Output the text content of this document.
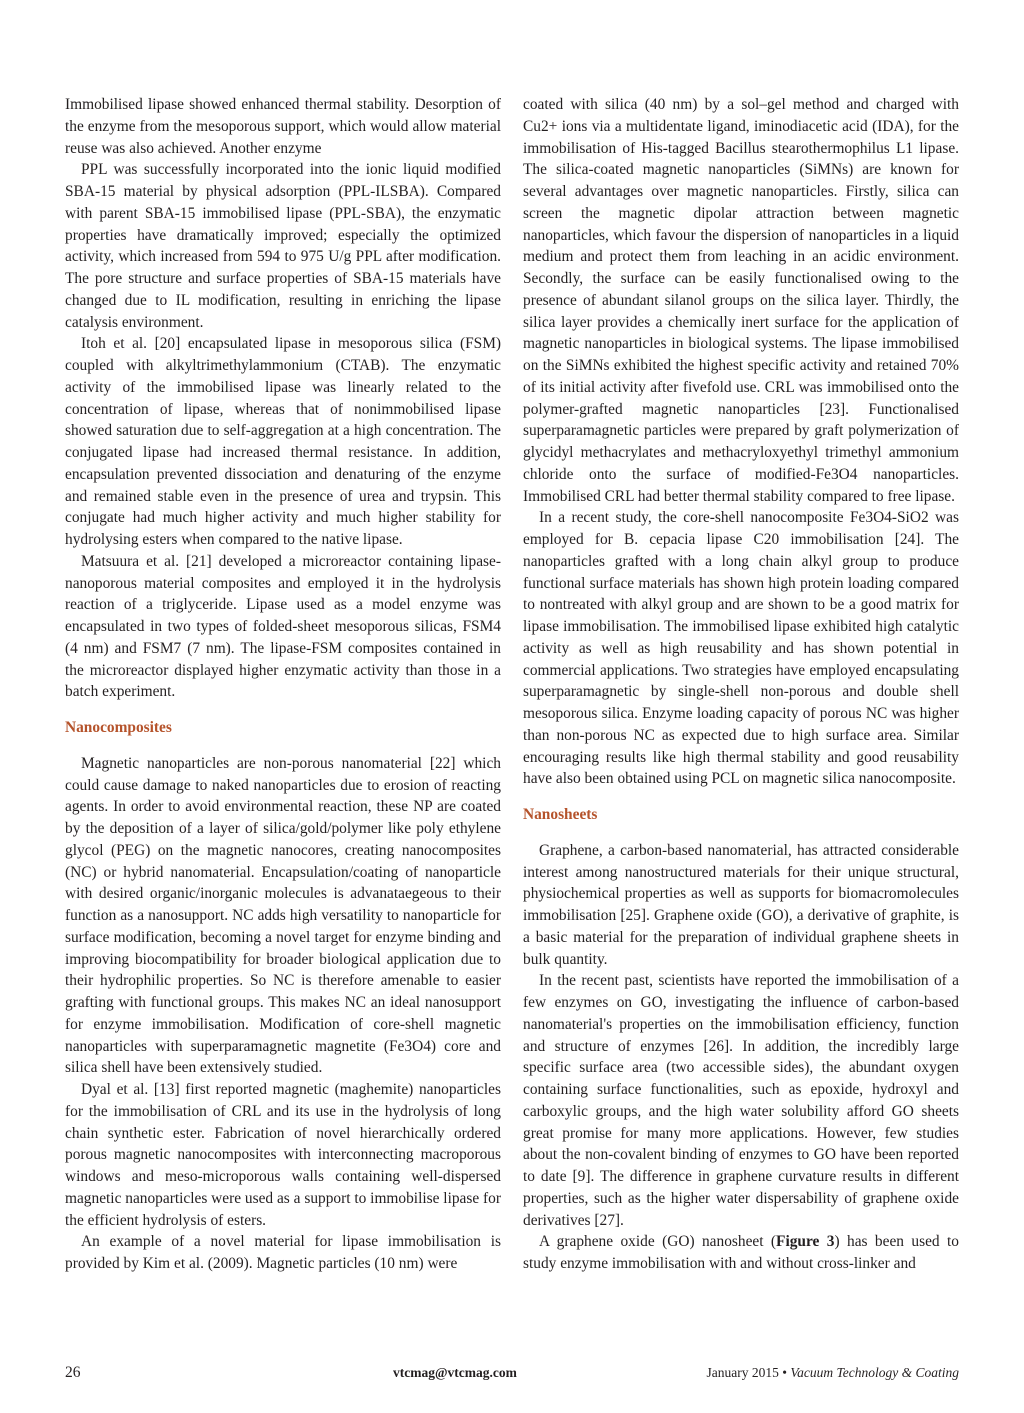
Immobilised lipase showed enhanced thermal stability. Desorption of the enzyme from the mesoporous support, which would allow material reuse was also achieved. Another enzyme

PPL was successfully incorporated into the ionic liquid modified SBA-15 material by physical adsorption (PPL-ILSBA). Compared with parent SBA-15 immobilised lipase (PPL-SBA), the enzymatic properties have dramatically improved; especially the optimized activity, which increased from 594 to 975 U/g PPL after modification. The pore structure and surface properties of SBA-15 materials have changed due to IL modification, resulting in enriching the lipase catalysis environment.

Itoh et al. [20] encapsulated lipase in mesoporous silica (FSM) coupled with alkyltrimethylammonium (CTAB). The enzymatic activity of the immobilised lipase was linearly related to the concentration of lipase, whereas that of nonimmobilised lipase showed saturation due to self-aggregation at a high concentration. The conjugated lipase had increased thermal resistance. In addition, encapsulation prevented dissociation and denaturing of the enzyme and remained stable even in the presence of urea and trypsin. This conjugate had much higher activity and much higher stability for hydrolysing esters when compared to the native lipase.

Matsuura et al. [21] developed a microreactor containing lipase-nanoporous material composites and employed it in the hydrolysis reaction of a triglyceride. Lipase used as a model enzyme was encapsulated in two types of folded-sheet mesoporous silicas, FSM4 (4 nm) and FSM7 (7 nm). The lipase-FSM composites contained in the microreactor displayed higher enzymatic activity than those in a batch experiment.

Nanocomposites

Magnetic nanoparticles are non-porous nanomaterial [22] which could cause damage to naked nanoparticles due to erosion of reacting agents. In order to avoid environmental reaction, these NP are coated by the deposition of a layer of silica/gold/polymer like poly ethylene glycol (PEG) on the magnetic nanocores, creating nanocomposites (NC) or hybrid nanomaterial. Encapsulation/coating of nanoparticle with desired organic/inorganic molecules is advanataegeous to their function as a nanosupport. NC adds high versatility to nanoparticle for surface modification, becoming a novel target for enzyme binding and improving biocompatibility for broader biological application due to their hydrophilic properties. So NC is therefore amenable to easier grafting with functional groups. This makes NC an ideal nanosupport for enzyme immobilisation. Modification of core-shell magnetic nanoparticles with superparamagnetic magnetite (Fe3O4) core and silica shell have been extensively studied.

Dyal et al. [13] first reported magnetic (maghemite) nanoparticles for the immobilisation of CRL and its use in the hydrolysis of long chain synthetic ester. Fabrication of novel hierarchically ordered porous magnetic nanocomposites with interconnecting macroporous windows and meso-microporous walls containing well-dispersed magnetic nanoparticles were used as a support to immobilise lipase for the efficient hydrolysis of esters.

An example of a novel material for lipase immobilisation is provided by Kim et al. (2009). Magnetic particles (10 nm) were

coated with silica (40 nm) by a sol–gel method and charged with Cu2+ ions via a multidentate ligand, iminodiacetic acid (IDA), for the immobilisation of His-tagged Bacillus stearothermophilus L1 lipase. The silica-coated magnetic nanoparticles (SiMNs) are known for several advantages over magnetic nanoparticles. Firstly, silica can screen the magnetic dipolar attraction between magnetic nanoparticles, which favour the dispersion of nanoparticles in a liquid medium and protect them from leaching in an acidic environment. Secondly, the surface can be easily functionalised owing to the presence of abundant silanol groups on the silica layer. Thirdly, the silica layer provides a chemically inert surface for the application of magnetic nanoparticles in biological systems. The lipase immobilised on the SiMNs exhibited the highest specific activity and retained 70% of its initial activity after fivefold use. CRL was immobilised onto the polymer-grafted magnetic nanoparticles [23]. Functionalised superparamagnetic particles were prepared by graft polymerization of glycidyl methacrylates and methacryloxyethyl trimethyl ammonium chloride onto the surface of modified-Fe3O4 nanoparticles. Immobilised CRL had better thermal stability compared to free lipase.

In a recent study, the core-shell nanocomposite Fe3O4-SiO2 was employed for B. cepacia lipase C20 immobilisation [24]. The nanoparticles grafted with a long chain alkyl group to produce functional surface materials has shown high protein loading compared to nontreated with alkyl group and are shown to be a good matrix for lipase immobilisation. The immobilised lipase exhibited high catalytic activity as well as high reusability and has shown potential in commercial applications. Two strategies have employed encapsulating superparamagnetic by single-shell non-porous and double shell mesoporous silica. Enzyme loading capacity of porous NC was higher than non-porous NC as expected due to high surface area. Similar encouraging results like high thermal stability and good reusability have also been obtained using PCL on magnetic silica nanocomposite.

Nanosheets

Graphene, a carbon-based nanomaterial, has attracted considerable interest among nanostructured materials for their unique structural, physiochemical properties as well as supports for biomacromolecules immobilisation [25]. Graphene oxide (GO), a derivative of graphite, is a basic material for the preparation of individual graphene sheets in bulk quantity.

In the recent past, scientists have reported the immobilisation of a few enzymes on GO, investigating the influence of carbon-based nanomaterial's properties on the immobilisation efficiency, function and structure of enzymes [26]. In addition, the incredibly large specific surface area (two accessible sides), the abundant oxygen containing surface functionalities, such as epoxide, hydroxyl and carboxylic groups, and the high water solubility afford GO sheets great promise for many more applications. However, few studies about the non-covalent binding of enzymes to GO have been reported to date [9]. The difference in graphene curvature results in different properties, such as the higher water dispersability of graphene oxide derivatives [27].

A graphene oxide (GO) nanosheet (Figure 3) has been used to study enzyme immobilisation with and without cross-linker and

26	vtcmag@vtcmag.com	January 2015 • Vacuum Technology & Coating
